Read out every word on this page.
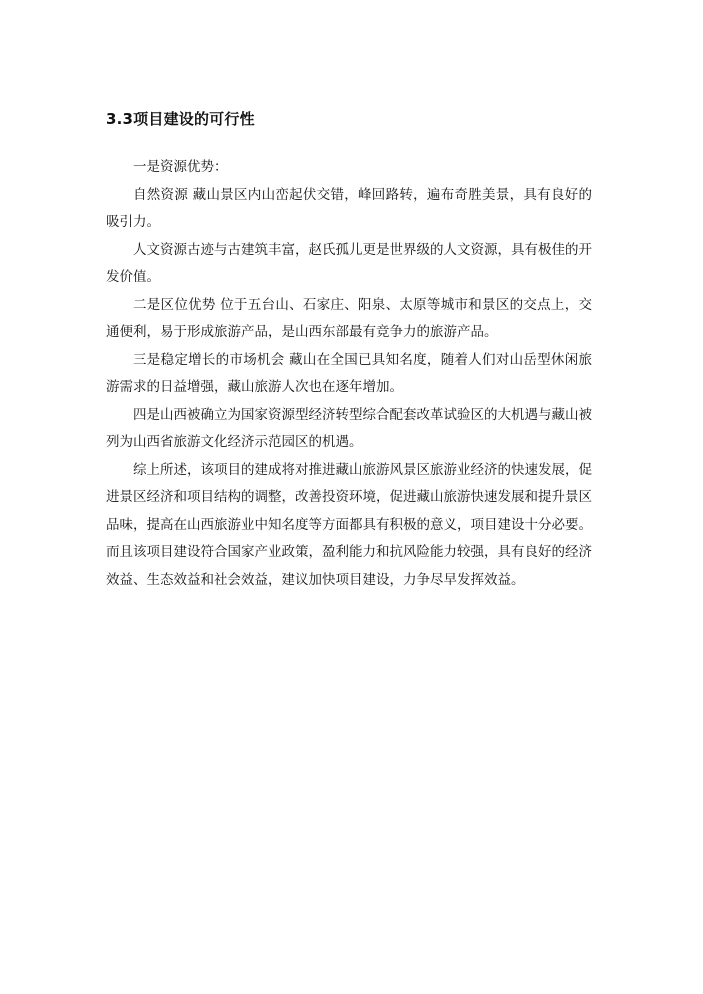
3.3项目建设的可行性

一是资源优势：

自然资源 藏山景区内山峦起伏交错，峰回路转，遍布奇胜美景，具有良好的吸引力。

人文资源古迹与古建筑丰富，赵氏孤儿更是世界级的人文资源，具有极佳的开发价值。

二是区位优势 位于五台山、石家庄、阳泉、太原等城市和景区的交点上，交通便利，易于形成旅游产品，是山西东部最有竞争力的旅游产品。

三是稳定增长的市场机会 藏山在全国已具知名度，随着人们对山岳型休闲旅游需求的日益增强，藏山旅游人次也在逐年增加。

四是山西被确立为国家资源型经济转型综合配套改革试验区的大机遇与藏山被列为山西省旅游文化经济示范园区的机遇。

综上所述，该项目的建成将对推进藏山旅游风景区旅游业经济的快速发展，促进景区经济和项目结构的调整，改善投资环境，促进藏山旅游快速发展和提升景区品味，提高在山西旅游业中知名度等方面都具有积极的意义，项目建设十分必要。而且该项目建设符合国家产业政策，盈利能力和抗风险能力较强，具有良好的经济效益、生态效益和社会效益，建议加快项目建设，力争尽早发挥效益。
